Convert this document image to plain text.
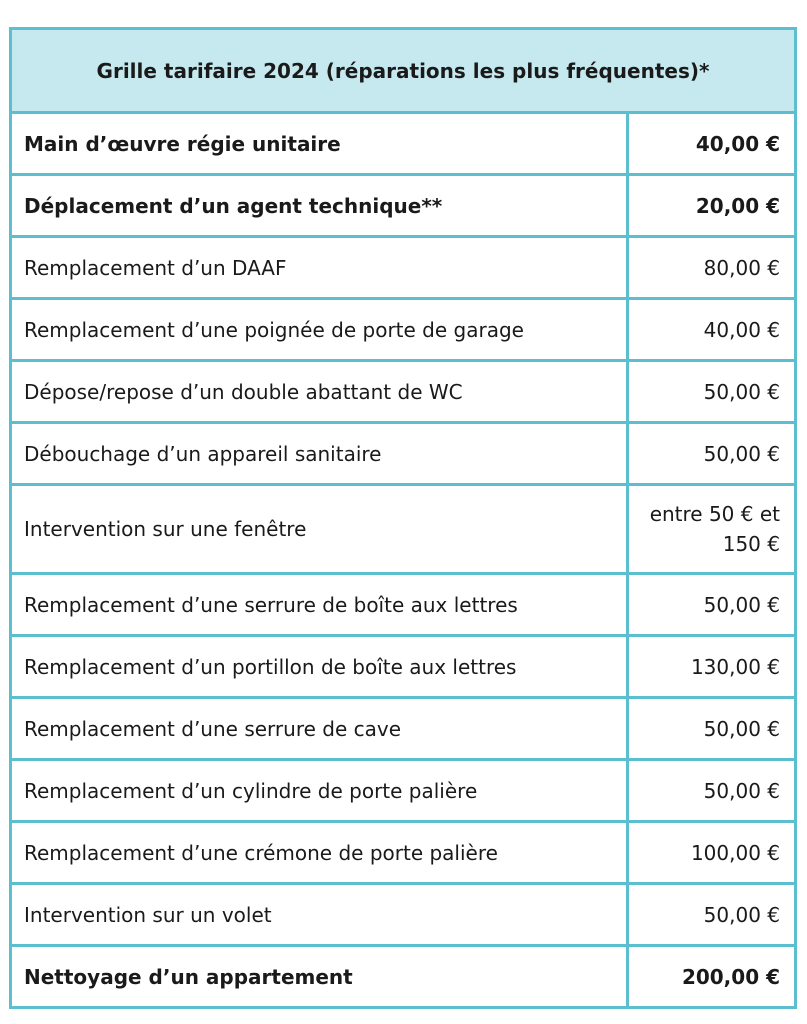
Grille tarifaire 2024 (réparations les plus fréquentes)*	
Main d’œuvre régie unitaire	40,00 €
Déplacement d’un agent technique**	20,00 €
Remplacement d’un DAAF	80,00 €
Remplacement d’une poignée de porte de garage	40,00 €
Dépose/repose d’un double abattant de WC	50,00 €
Débouchage d’un appareil sanitaire	50,00 €
Intervention sur une fenêtre	entre 50 € et 150 €
Remplacement d’une serrure de boîte aux lettres	50,00 €
Remplacement d’un portillon de boîte aux lettres	130,00 €
Remplacement d’une serrure de cave	50,00 €
Remplacement d’un cylindre de porte palière	50,00 €
Remplacement d’une crémone de porte palière	100,00 €
Intervention sur un volet	50,00 €
Nettoyage d’un appartement	200,00 €
